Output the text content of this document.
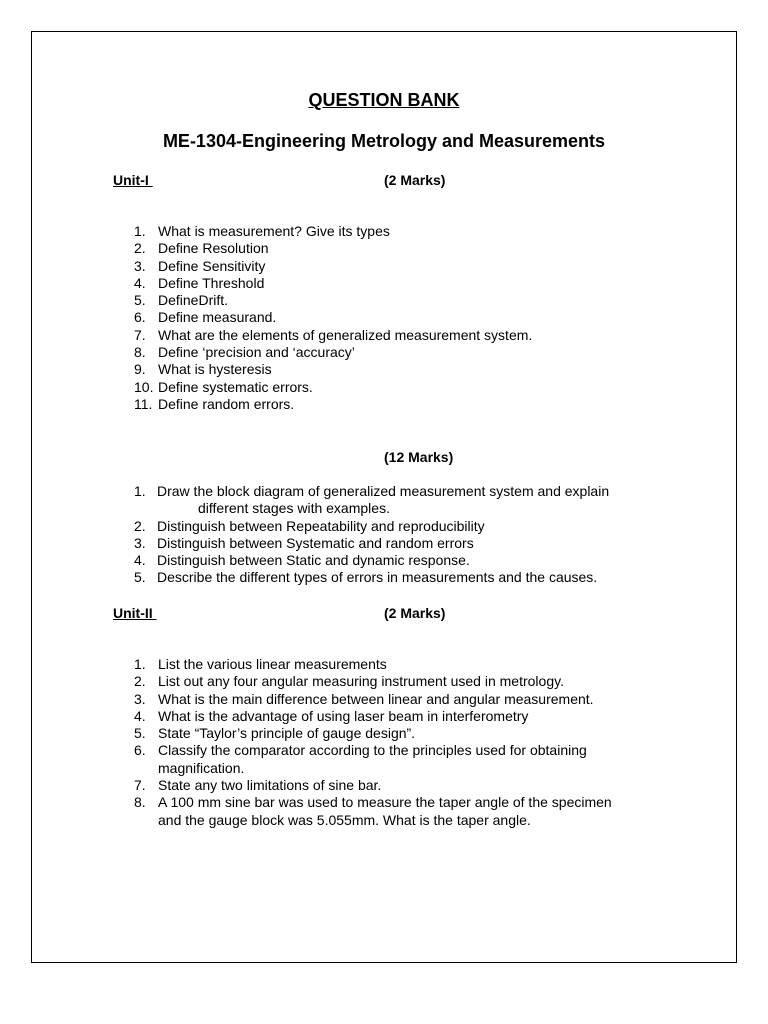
QUESTION BANK
ME-1304-Engineering Metrology and Measurements
Unit-I	(2 Marks)
1. What is measurement? Give its types
2. Define Resolution
3. Define Sensitivity
4. Define Threshold
5. DefineDrift.
6. Define measurand.
7. What are the elements of generalized measurement system.
8. Define ‘precision and ‘accuracy’
9. What is hysteresis
10. Define systematic errors.
11. Define random errors.
(12 Marks)
1. Draw the block diagram of generalized measurement system and explain
different stages with examples.
2. Distinguish between Repeatability and reproducibility
3. Distinguish between Systematic and random errors
4. Distinguish between Static and dynamic response.
5. Describe the different types of errors in measurements and the causes.
Unit-II	(2 Marks)
1. List the various linear measurements
2. List out any four angular measuring instrument used in metrology.
3. What is the main difference between linear and angular measurement.
4. What is the advantage of using laser beam in interferometry
5. State “Taylor’s principle of gauge design”.
6. Classify the comparator according to the principles used for obtaining
magnification.
7. State any two limitations of sine bar.
8. A 100 mm sine bar was used to measure the taper angle of the specimen
and the gauge block was 5.055mm. What is the taper angle.
